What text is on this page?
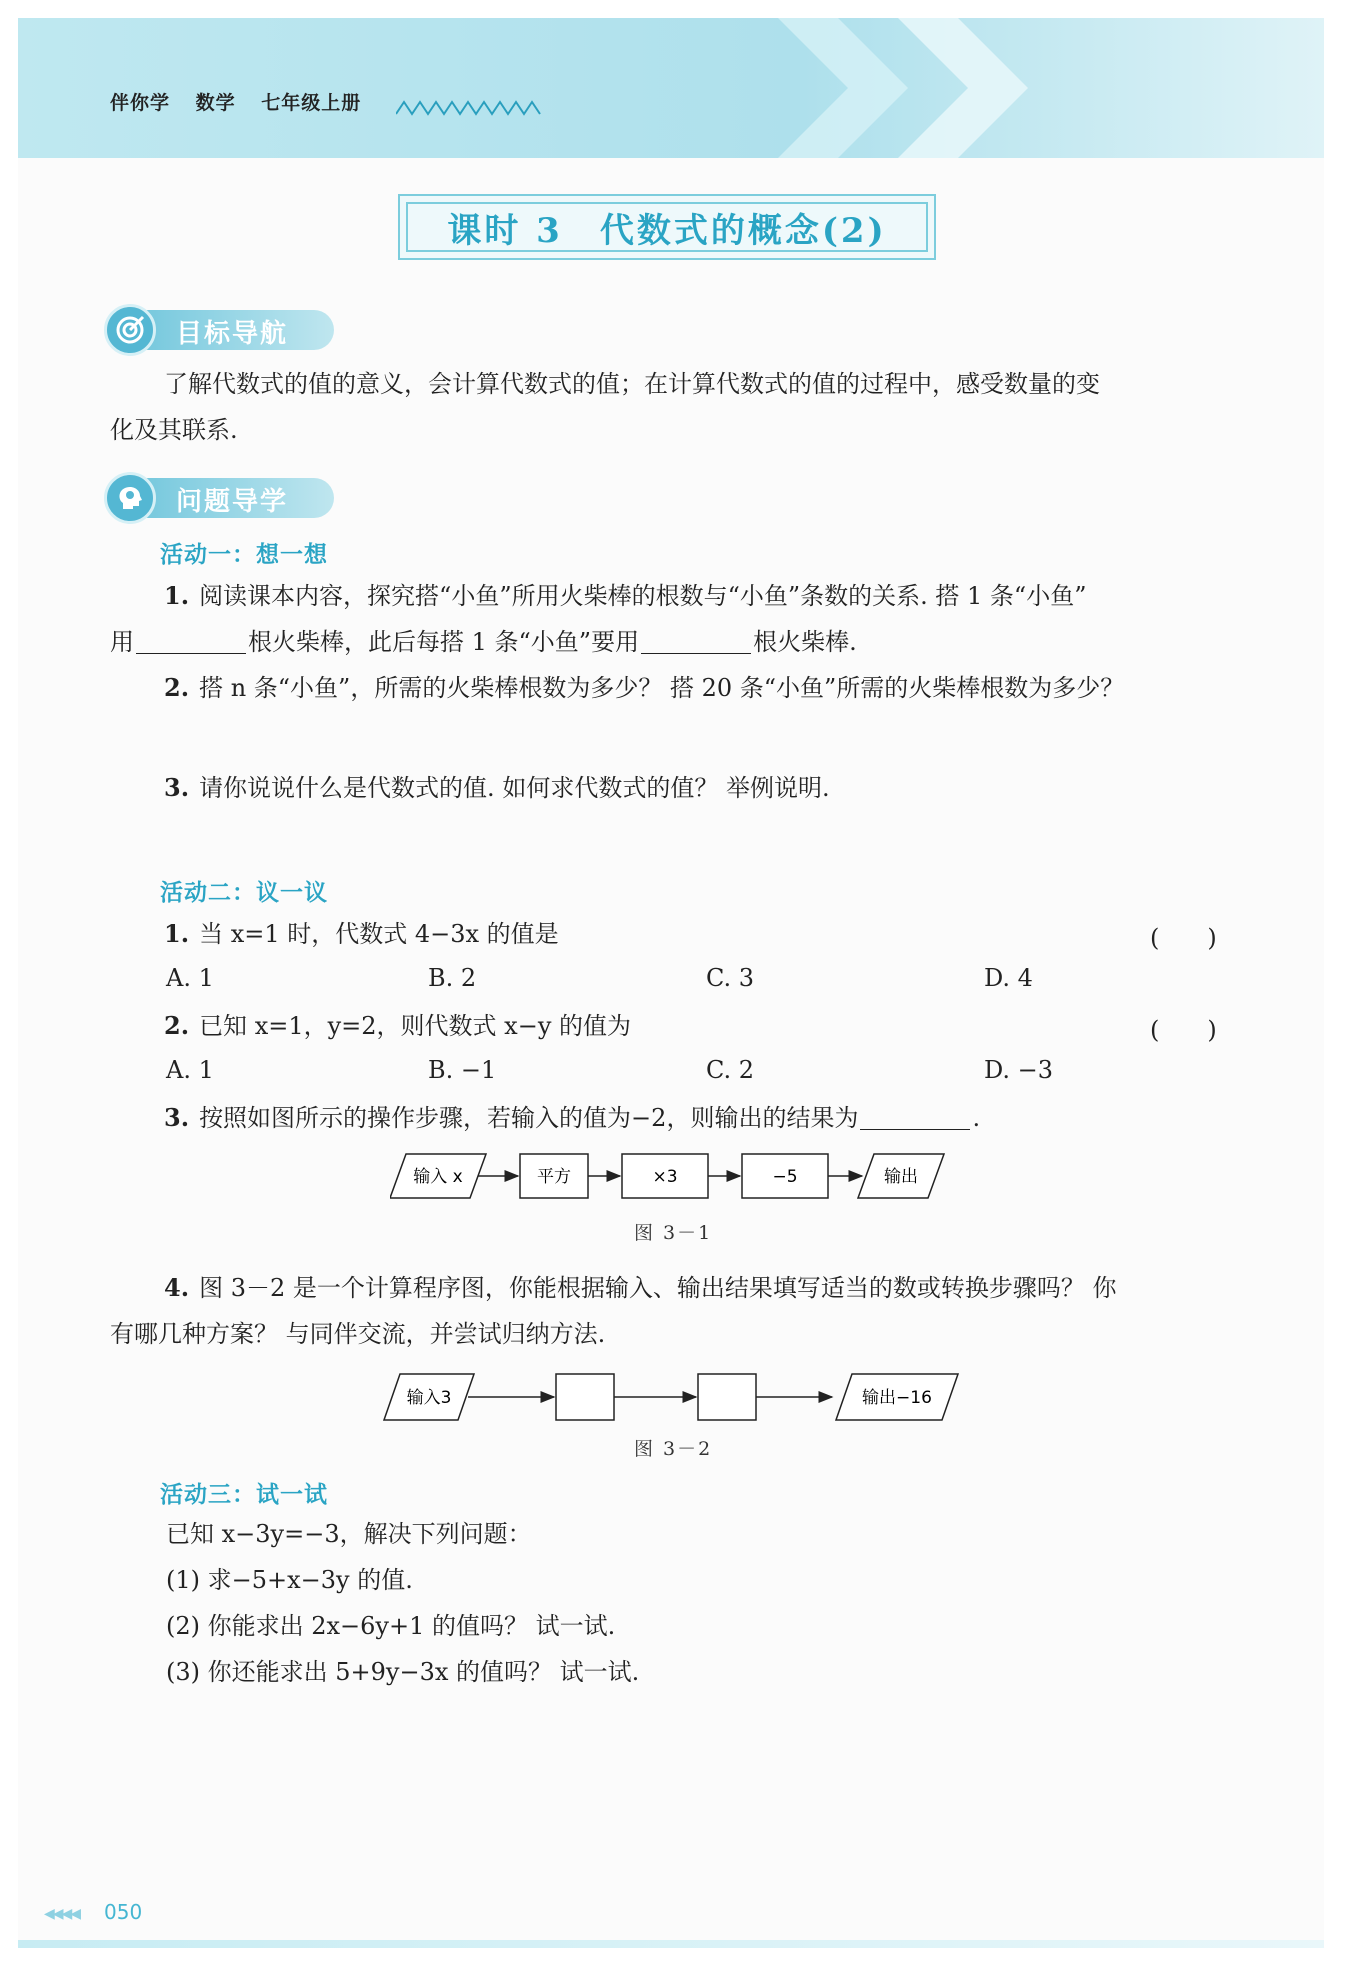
伴你学 数学 七年级上册
课时 3　代数式的概念(2)
目标导航
了解代数式的值的意义，会计算代数式的值；在计算代数式的值的过程中，感受数量的变
化及其联系.
问题导学
活动一：想一想
1. 阅读课本内容，探究搭“小鱼”所用火柴棒的根数与“小鱼”条数的关系. 搭 1 条“小鱼”
用	根火柴棒，此后每搭 1 条“小鱼”要用	根火柴棒.
2. 搭 n 条“小鱼”，所需的火柴棒根数为多少？ 搭 20 条“小鱼”所需的火柴棒根数为多少？
3. 请你说说什么是代数式的值. 如何求代数式的值？ 举例说明.
活动二：议一议
1. 当 x=1 时，代数式 4−3x 的值是	(　　)
A. 1	B. 2	C. 3	D. 4
2. 已知 x=1，y=2，则代数式 x−y 的值为	(　　)
A. 1	B. −1	C. 2	D. −3
3. 按照如图所示的操作步骤，若输入的值为−2，则输出的结果为	.
输入 x	平方	×3	−5	输出
图 3－1
4. 图 3－2 是一个计算程序图，你能根据输入、输出结果填写适当的数或转换步骤吗？ 你
有哪几种方案？ 与同伴交流，并尝试归纳方法.
输入3	输出−16
图 3－2
活动三：试一试
已知 x−3y=−3，解决下列问题：
(1) 求−5+x−3y 的值.
(2) 你能求出 2x−6y+1 的值吗？ 试一试.
(3) 你还能求出 5+9y−3x 的值吗？ 试一试.
◀◀◀◀ 050
